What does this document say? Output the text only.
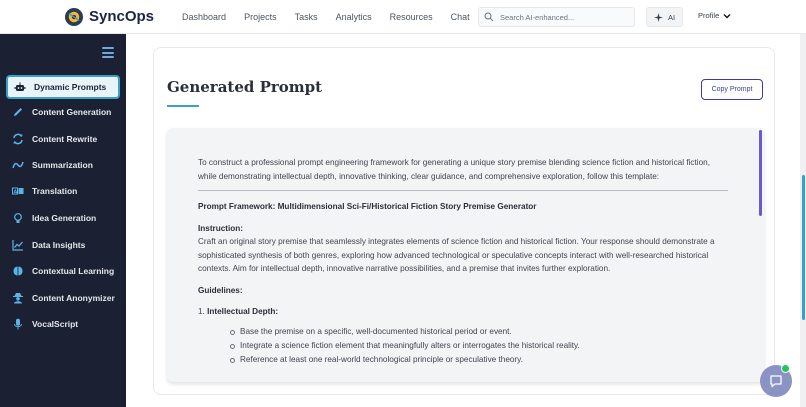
SyncOps	Dashboard Projects Tasks Analytics Resources Chat
Search AI-enhanced...	AI	Profile
Dynamic Prompts
Content Generation
Content Rewrite
Summarization
A Translation
Idea Generation
Data Insights
Contextual Learning
Content Anonymizer
VocalScript
Generated Prompt	Copy Prompt

To construct a professional prompt engineering framework for generating a unique story premise blending science fiction and historical fiction, while demonstrating intellectual depth, innovative thinking, clear guidance, and comprehensive exploration, follow this template:

Prompt Framework: Multidimensional Sci-Fi/Historical Fiction Story Premise Generator

Instruction:

Craft an original story premise that seamlessly integrates elements of science fiction and historical fiction. Your response should demonstrate a sophisticated synthesis of both genres, exploring how advanced technological or speculative concepts interact with well-researched historical contexts. Aim for intellectual depth, innovative narrative possibilities, and a premise that invites further exploration.

Guidelines:

1. Intellectual Depth:

Base the premise on a specific, well-documented historical period or event.
Integrate a science fiction element that meaningfully alters or interrogates the historical reality.
Reference at least one real-world technological principle or speculative theory.
